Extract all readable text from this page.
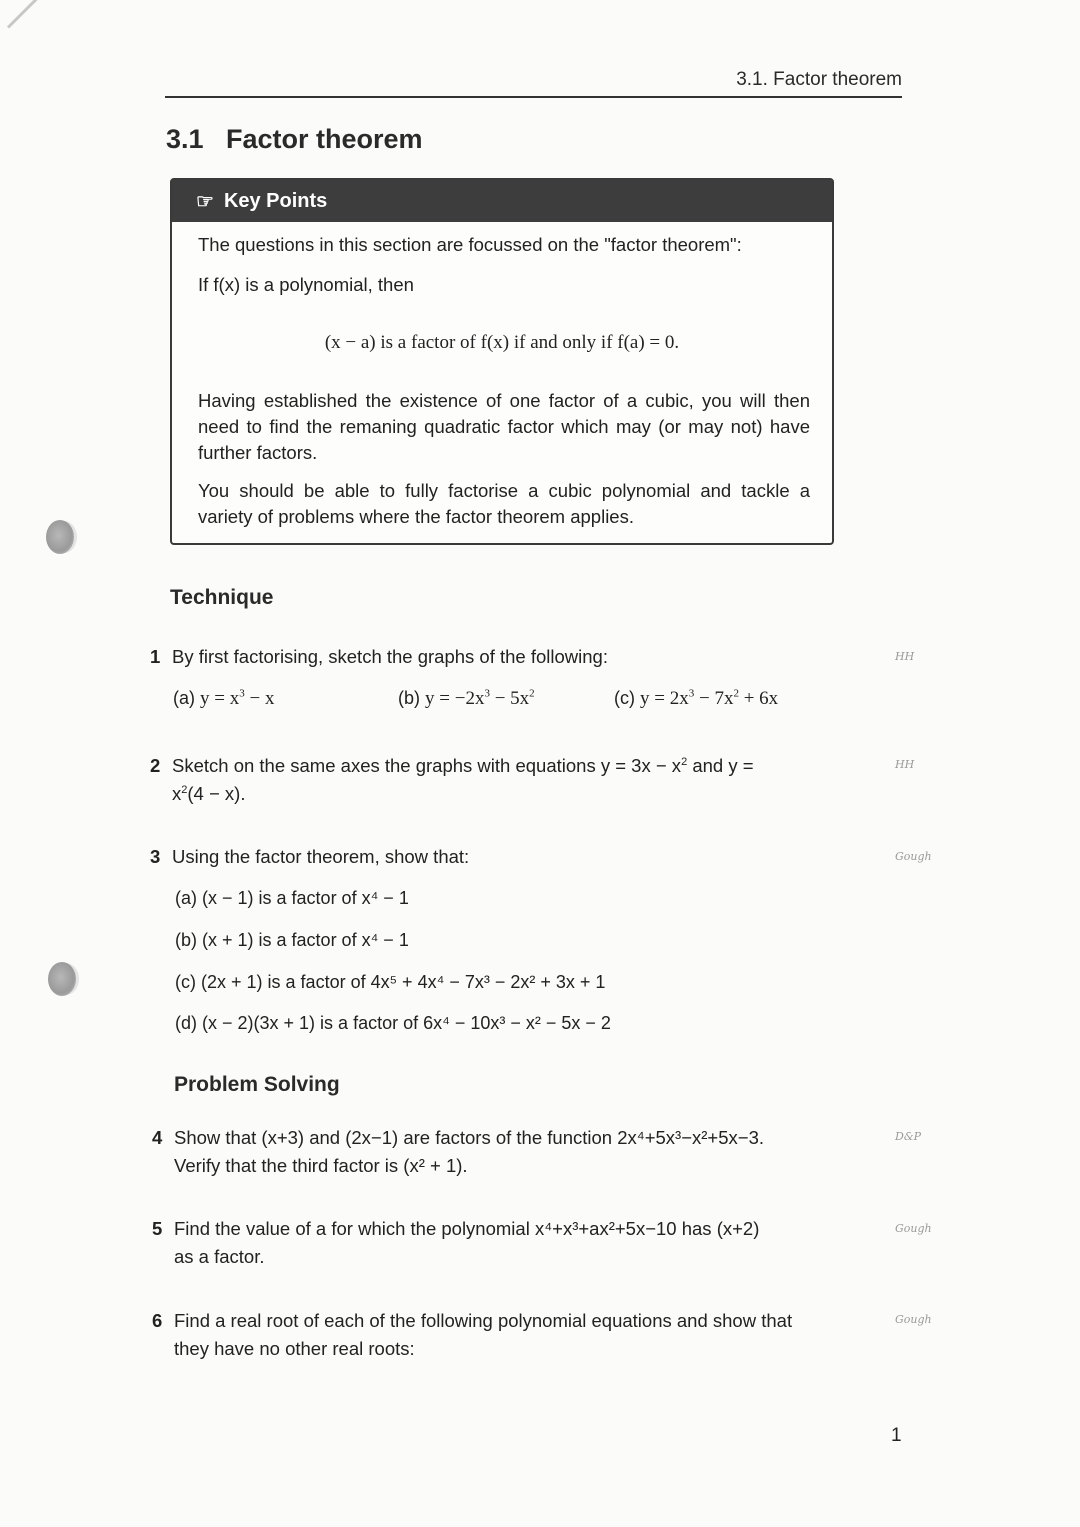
3.1. Factor theorem
3.1 Factor theorem
☞ Key Points
The questions in this section are focussed on the "factor theorem":
If f(x) is a polynomial, then
(x − a) is a factor of f(x) if and only if f(a) = 0.
Having established the existence of one factor of a cubic, you will then need to find the remaning quadratic factor which may (or may not) have further factors.
You should be able to fully factorise a cubic polynomial and tackle a variety of problems where the factor theorem applies.
Technique
1 By first factorising, sketch the graphs of the following:
(a) $y = x^3 - x$	(b) $y = -2x^3 - 5x^2$	(c) $y = 2x^3 - 7x^2 + 6x$
HH
2 Sketch on the same axes the graphs with equations $y = 3x - x^2$ and y =
$x^2(4 - x)$.
HH
3 Using the factor theorem, show that:	Gough
(a) (x − 1) is a factor of x⁴ − 1
(b) (x + 1) is a factor of x⁴ − 1
(c) (2x + 1) is a factor of 4x⁵ + 4x⁴ − 7x³ − 2x² + 3x + 1
(d) (x − 2)(3x + 1) is a factor of 6x⁴ − 10x³ − x² − 5x − 2
Problem Solving
4 Show that (x+3) and (2x−1) are factors of the function 2x⁴+5x³−x²+5x−3.
Verify that the third factor is (x² + 1).
D&P
5 Find the value of a for which the polynomial x⁴+x³+ax²+5x−10 has (x+2)
as a factor.
Gough
6 Find a real root of each of the following polynomial equations and show that
they have no other real roots:
Gough
1
